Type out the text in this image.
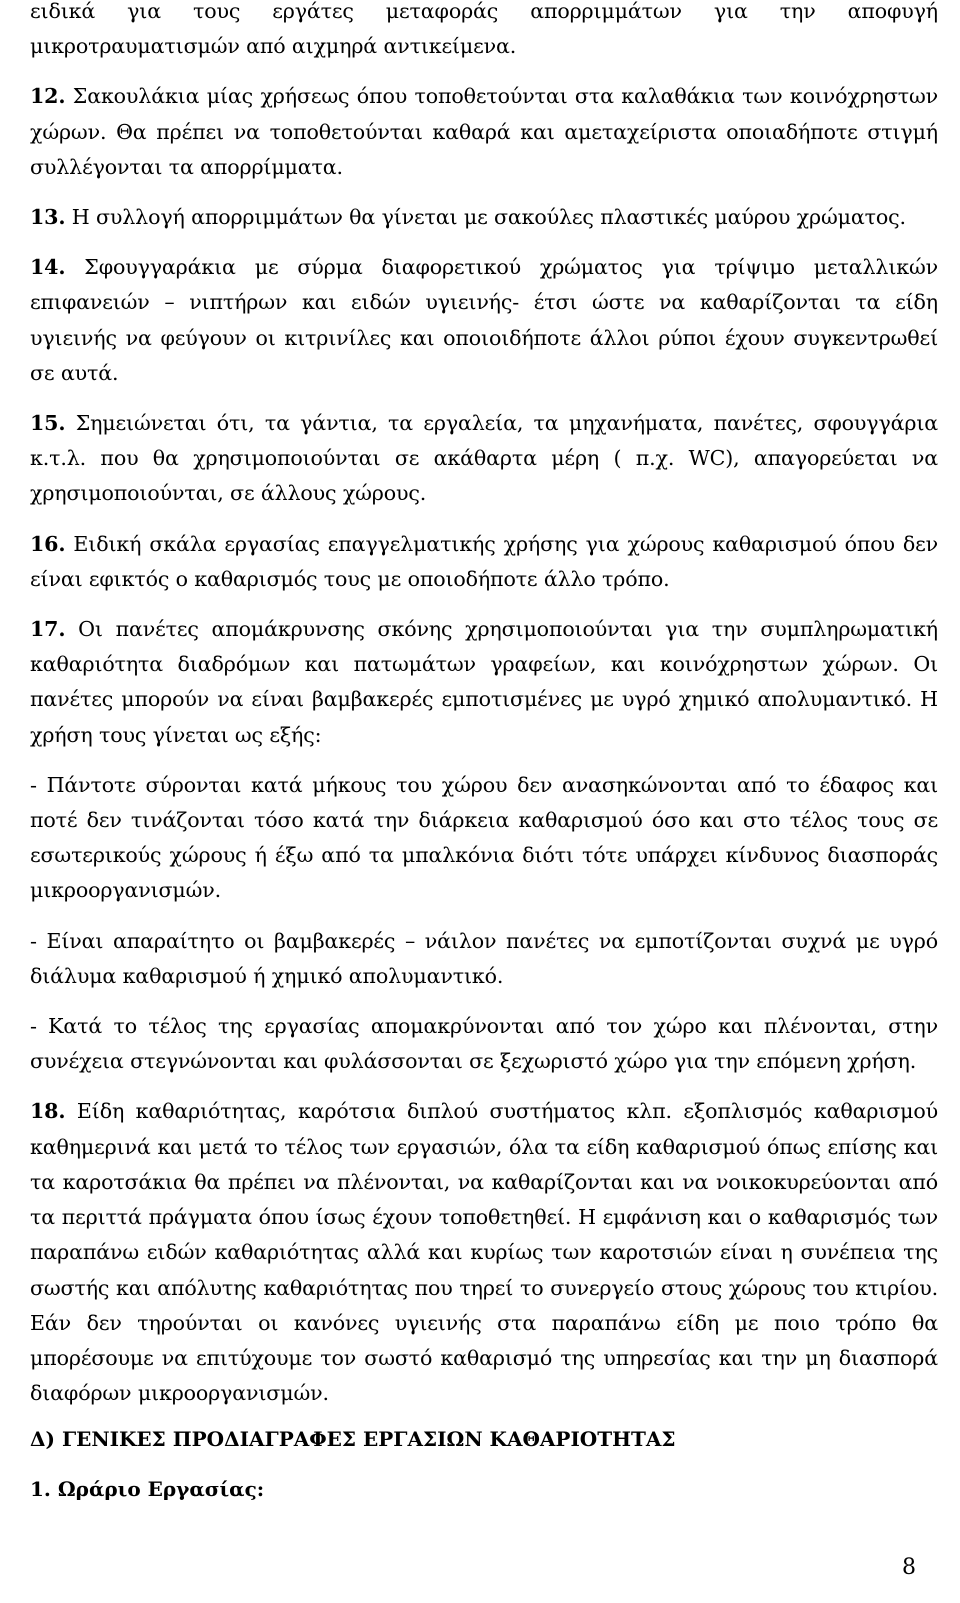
ειδικά για τους εργάτες μεταφοράς απορριμμάτων για την αποφυγή μικροτραυματισμών από αιχμηρά αντικείμενα.

12. Σακουλάκια μίας χρήσεως όπου τοποθετούνται στα καλαθάκια των κοινόχρηστων χώρων. Θα πρέπει να τοποθετούνται καθαρά και αμεταχείριστα οποιαδήποτε στιγμή συλλέγονται τα απορρίμματα.

13. Η συλλογή απορριμμάτων θα γίνεται με σακούλες πλαστικές μαύρου χρώματος.

14. Σφουγγαράκια με σύρμα διαφορετικού χρώματος για τρίψιμο μεταλλικών επιφανειών – νιπτήρων και ειδών υγιεινής- έτσι ώστε να καθαρίζονται τα είδη υγιεινής να φεύγουν οι κιτρινίλες και οποιοιδήποτε άλλοι ρύποι έχουν συγκεντρωθεί σε αυτά.

15. Σημειώνεται ότι, τα γάντια, τα εργαλεία, τα μηχανήματα, πανέτες, σφουγγάρια κ.τ.λ. που θα χρησιμοποιούνται σε ακάθαρτα μέρη ( π.χ. WC), απαγορεύεται να χρησιμοποιούνται, σε άλλους χώρους.

16. Ειδική σκάλα εργασίας επαγγελματικής χρήσης για χώρους καθαρισμού όπου δεν είναι εφικτός ο καθαρισμός τους με οποιοδήποτε άλλο τρόπο.

17. Οι πανέτες απομάκρυνσης σκόνης χρησιμοποιούνται για την συμπληρωματική καθαριότητα διαδρόμων και πατωμάτων γραφείων, και κοινόχρηστων χώρων. Οι πανέτες μπορούν να είναι βαμβακερές εμποτισμένες με υγρό χημικό απολυμαντικό. Η χρήση τους γίνεται ως εξής:

- Πάντοτε σύρονται κατά μήκους του χώρου δεν ανασηκώνονται από το έδαφος και ποτέ δεν τινάζονται τόσο κατά την διάρκεια καθαρισμού όσο και στο τέλος τους σε εσωτερικούς χώρους ή έξω από τα μπαλκόνια διότι τότε υπάρχει κίνδυνος διασποράς μικροοργανισμών.

- Είναι απαραίτητο οι βαμβακερές – νάιλον πανέτες να εμποτίζονται συχνά με υγρό διάλυμα καθαρισμού ή χημικό απολυμαντικό.

- Κατά το τέλος της εργασίας απομακρύνονται από τον χώρο και πλένονται, στην συνέχεια στεγνώνονται και φυλάσσονται σε ξεχωριστό χώρο για την επόμενη χρήση.

18. Είδη καθαριότητας, καρότσια διπλού συστήματος κλπ. εξοπλισμός καθαρισμού καθημερινά και μετά το τέλος των εργασιών, όλα τα είδη καθαρισμού όπως επίσης και τα καροτσάκια θα πρέπει να πλένονται, να καθαρίζονται και να νοικοκυρεύονται από τα περιττά πράγματα όπου ίσως έχουν τοποθετηθεί. Η εμφάνιση και ο καθαρισμός των παραπάνω ειδών καθαριότητας αλλά και κυρίως των καροτσιών είναι η συνέπεια της σωστής και απόλυτης καθαριότητας που τηρεί το συνεργείο στους χώρους του κτιρίου. Εάν δεν τηρούνται οι κανόνες υγιεινής στα παραπάνω είδη με ποιο τρόπο θα μπορέσουμε να επιτύχουμε τον σωστό καθαρισμό της υπηρεσίας και την μη διασπορά διαφόρων μικροοργανισμών.

Δ) ΓΕΝΙΚΕΣ ΠΡΟΔΙΑΓΡΑΦΕΣ ΕΡΓΑΣΙΩΝ ΚΑΘΑΡΙΟΤΗΤΑΣ
1. Ωράριο Εργασίας:
8
